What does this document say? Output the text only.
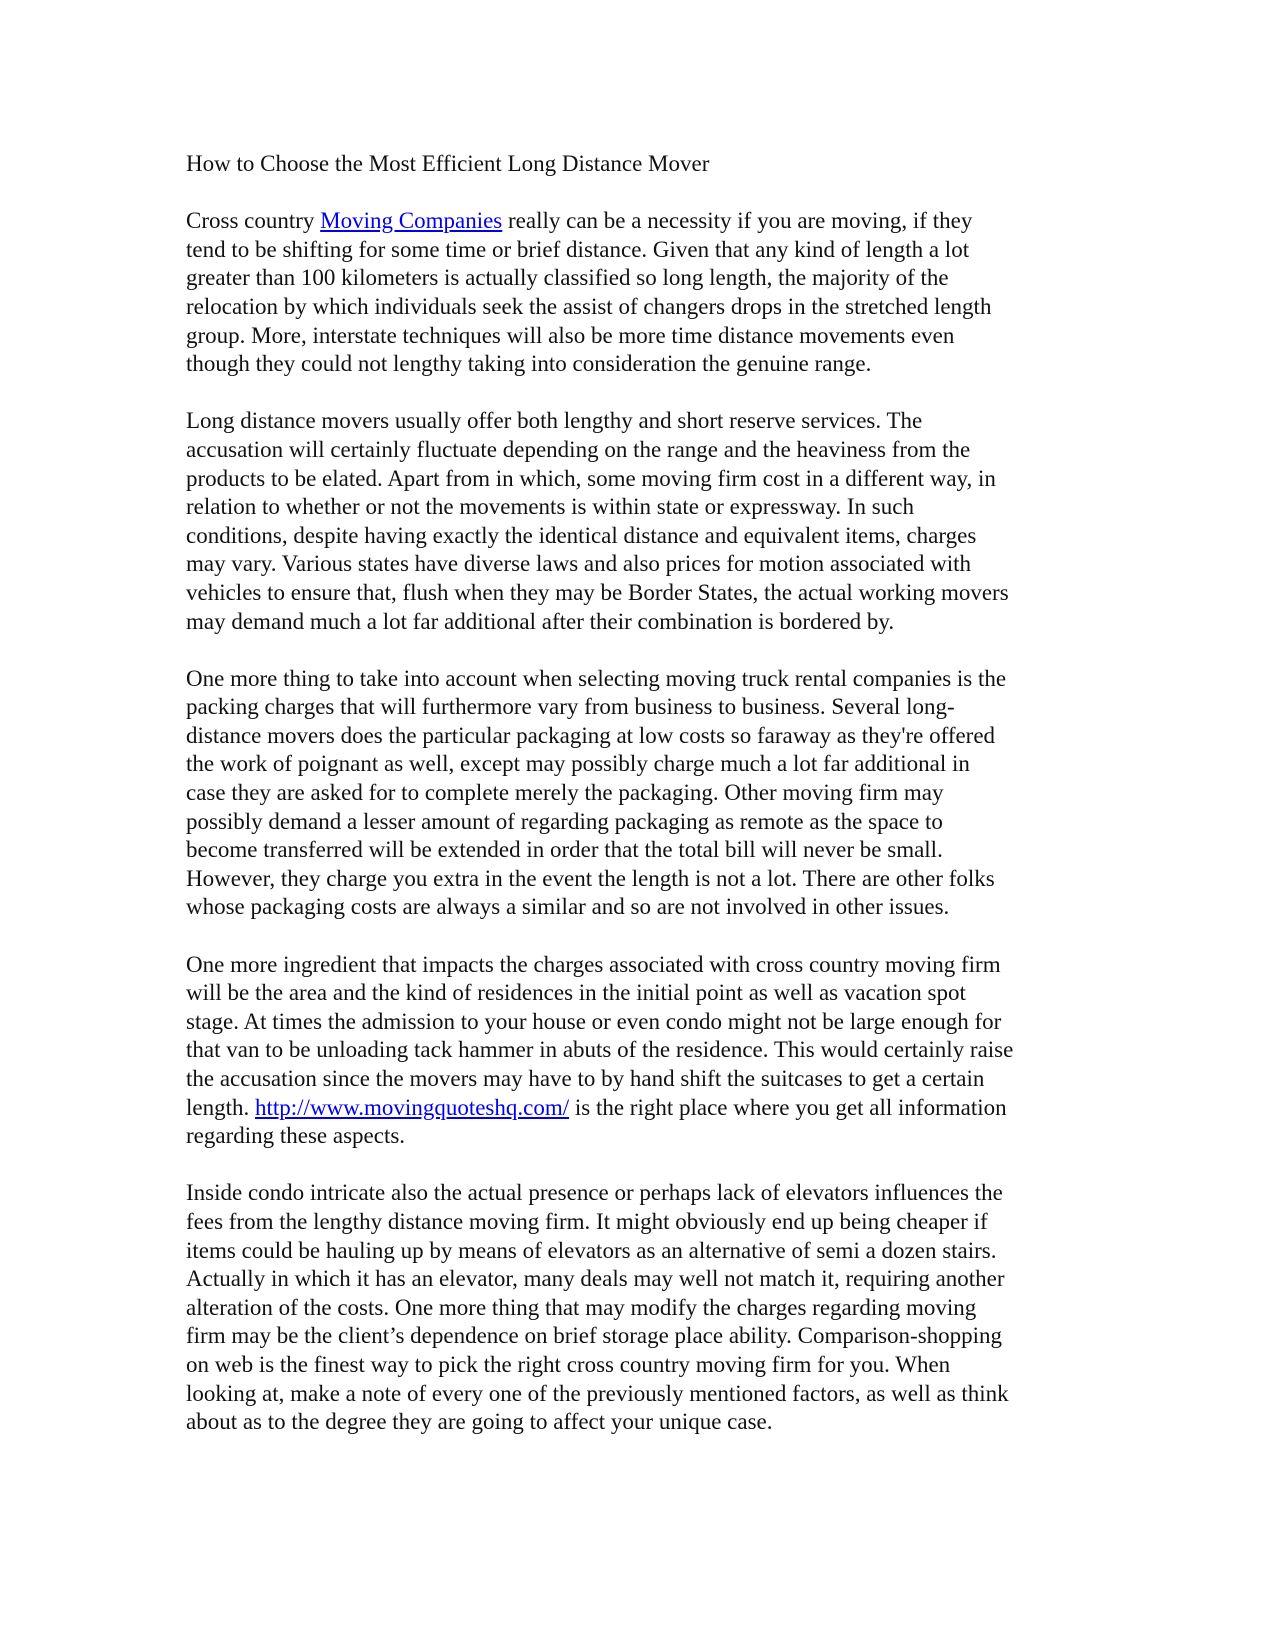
How to Choose the Most Efficient Long Distance Mover

Cross country Moving Companies really can be a necessity if you are moving, if they
tend to be shifting for some time or brief distance. Given that any kind of length a lot
greater than 100 kilometers is actually classified so long length, the majority of the
relocation by which individuals seek the assist of changers drops in the stretched length
group. More, interstate techniques will also be more time distance movements even
though they could not lengthy taking into consideration the genuine range.

Long distance movers usually offer both lengthy and short reserve services. The
accusation will certainly fluctuate depending on the range and the heaviness from the
products to be elated. Apart from in which, some moving firm cost in a different way, in
relation to whether or not the movements is within state or expressway. In such
conditions, despite having exactly the identical distance and equivalent items, charges
may vary. Various states have diverse laws and also prices for motion associated with
vehicles to ensure that, flush when they may be Border States, the actual working movers
may demand much a lot far additional after their combination is bordered by.

One more thing to take into account when selecting moving truck rental companies is the
packing charges that will furthermore vary from business to business. Several long-
distance movers does the particular packaging at low costs so faraway as they're offered
the work of poignant as well, except may possibly charge much a lot far additional in
case they are asked for to complete merely the packaging. Other moving firm may
possibly demand a lesser amount of regarding packaging as remote as the space to
become transferred will be extended in order that the total bill will never be small.
However, they charge you extra in the event the length is not a lot. There are other folks
whose packaging costs are always a similar and so are not involved in other issues.

One more ingredient that impacts the charges associated with cross country moving firm
will be the area and the kind of residences in the initial point as well as vacation spot
stage. At times the admission to your house or even condo might not be large enough for
that van to be unloading tack hammer in abuts of the residence. This would certainly raise
the accusation since the movers may have to by hand shift the suitcases to get a certain
length. http://www.movingquoteshq.com/ is the right place where you get all information
regarding these aspects.

Inside condo intricate also the actual presence or perhaps lack of elevators influences the
fees from the lengthy distance moving firm. It might obviously end up being cheaper if
items could be hauling up by means of elevators as an alternative of semi a dozen stairs.
Actually in which it has an elevator, many deals may well not match it, requiring another
alteration of the costs. One more thing that may modify the charges regarding moving
firm may be the client’s dependence on brief storage place ability. Comparison-shopping
on web is the finest way to pick the right cross country moving firm for you. When
looking at, make a note of every one of the previously mentioned factors, as well as think
about as to the degree they are going to affect your unique case.
